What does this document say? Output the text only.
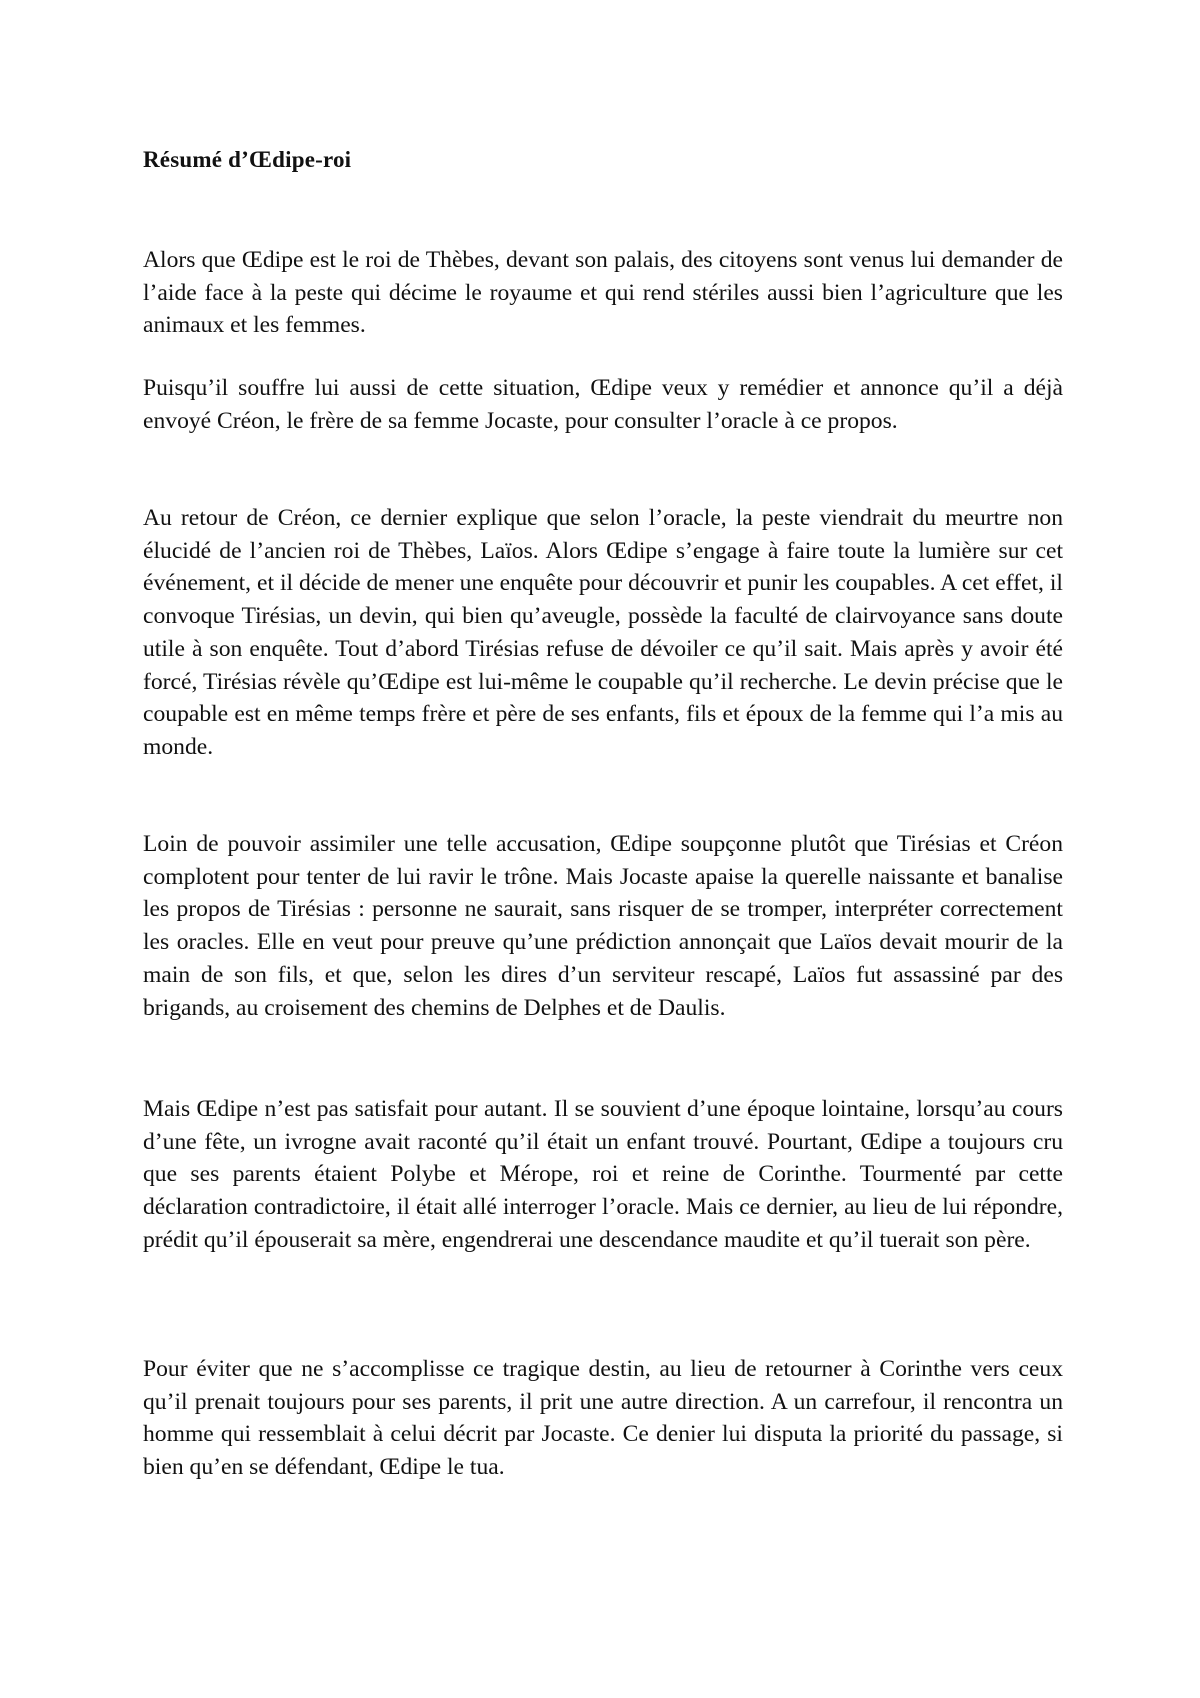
Résumé d’Œdipe-roi

Alors que Œdipe est le roi de Thèbes, devant son palais, des citoyens sont venus lui demander de l’aide face à la peste qui décime le royaume et qui rend stériles aussi bien l’agriculture que les animaux et les femmes.

Puisqu’il souffre lui aussi de cette situation, Œdipe veux y remédier et annonce qu’il a déjà envoyé Créon, le frère de sa femme Jocaste, pour consulter l’oracle à ce propos.

Au retour de Créon, ce dernier explique que selon l’oracle, la peste viendrait du meurtre non élucidé de l’ancien roi de Thèbes, Laïos. Alors Œdipe s’engage à faire toute la lumière sur cet événement, et il décide de mener une enquête pour découvrir et punir les coupables. A cet effet, il convoque Tirésias, un devin, qui bien qu’aveugle, possède la faculté de clairvoyance sans doute utile à son enquête. Tout d’abord Tirésias refuse de dévoiler ce qu’il sait. Mais après y avoir été forcé, Tirésias révèle qu’Œdipe est lui-même le coupable qu’il recherche. Le devin précise que le coupable est en même temps frère et père de ses enfants, fils et époux de la femme qui l’a mis au monde.

Loin de pouvoir assimiler une telle accusation, Œdipe soupçonne plutôt que Tirésias et Créon complotent pour tenter de lui ravir le trône. Mais Jocaste apaise la querelle naissante et banalise les propos de Tirésias : personne ne saurait, sans risquer de se tromper, interpréter correctement les oracles. Elle en veut pour preuve qu’une prédiction annonçait que Laïos devait mourir de la main de son fils, et que, selon les dires d’un serviteur rescapé, Laïos fut assassiné par des brigands, au croisement des chemins de Delphes et de Daulis.

Mais Œdipe n’est pas satisfait pour autant. Il se souvient d’une époque lointaine, lorsqu’au cours d’une fête, un ivrogne avait raconté qu’il était un enfant trouvé. Pourtant, Œdipe a toujours cru que ses parents étaient Polybe et Mérope, roi et reine de Corinthe. Tourmenté par cette déclaration contradictoire, il était allé interroger l’oracle. Mais ce dernier, au lieu de lui répondre, prédit qu’il épouserait sa mère, engendrerai une descendance maudite et qu’il tuerait son père.

Pour éviter que ne s’accomplisse ce tragique destin, au lieu de retourner à Corinthe vers ceux qu’il prenait toujours pour ses parents, il prit une autre direction. A un carrefour, il rencontra un homme qui ressemblait à celui décrit par Jocaste. Ce denier lui disputa la priorité du passage, si bien qu’en se défendant, Œdipe le tua.
